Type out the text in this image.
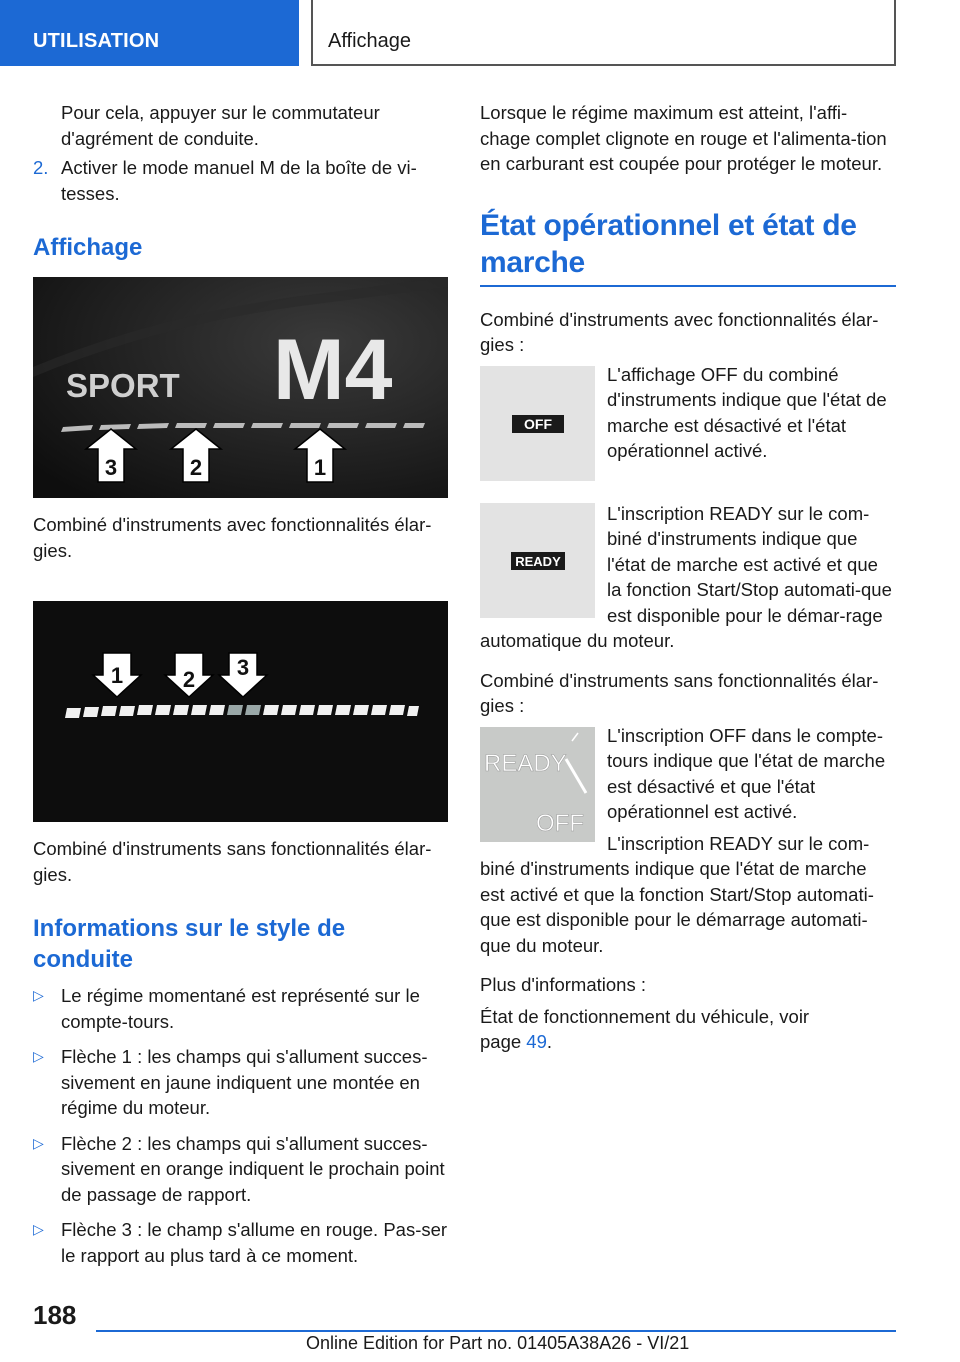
UTILISATION	Affichage

Pour cela, appuyer sur le commutateur d'agrément de conduite.

2. Activer le mode manuel M de la boîte de vi-tesses.
Affichage
SPORT M4
3	2	1

Combiné d'instruments avec fonctionnalités élar-gies.

1	2 3

Combiné d'instruments sans fonctionnalités élar-gies.

Informations sur le style de conduite
▷ Le régime momentané est représenté sur le compte-tours.
▷ Flèche 1 : les champs qui s'allument succes-sivement en jaune indiquent une montée en régime du moteur.
▷ Flèche 2 : les champs qui s'allument succes-sivement en orange indiquent le prochain point de passage de rapport.
▷ Flèche 3 : le champ s'allume en rouge. Pas-ser le rapport au plus tard à ce moment.

Lorsque le régime maximum est atteint, l'affi-chage complet clignote en rouge et l'alimenta-tion en carburant est coupée pour protéger le moteur.

État opérationnel et état de marche

Combiné d'instruments avec fonctionnalités élar-gies :

OFF

L'affichage OFF du combiné d'instruments indique que l'état de marche est désactivé et l'état opérationnel activé.

READY

L'inscription READY sur le com-biné d'instruments indique que l'état de marche est activé et que la fonction Start/Stop automati-que est disponible pour le démar-rage automatique du moteur.

Combiné d'instruments sans fonctionnalités élar-gies :

READY
OFF

L'inscription OFF dans le compte-tours indique que l'état de marche est désactivé et que l'état opérationnel est activé.

L'inscription READY sur le com-biné d'instruments indique que l'état de marche est activé et que la fonction Start/Stop automati-que est disponible pour le démarrage automati-que du moteur.

Plus d'informations :

État de fonctionnement du véhicule, voir page 49.

188
Online Edition for Part no. 01405A38A26 - VI/21
